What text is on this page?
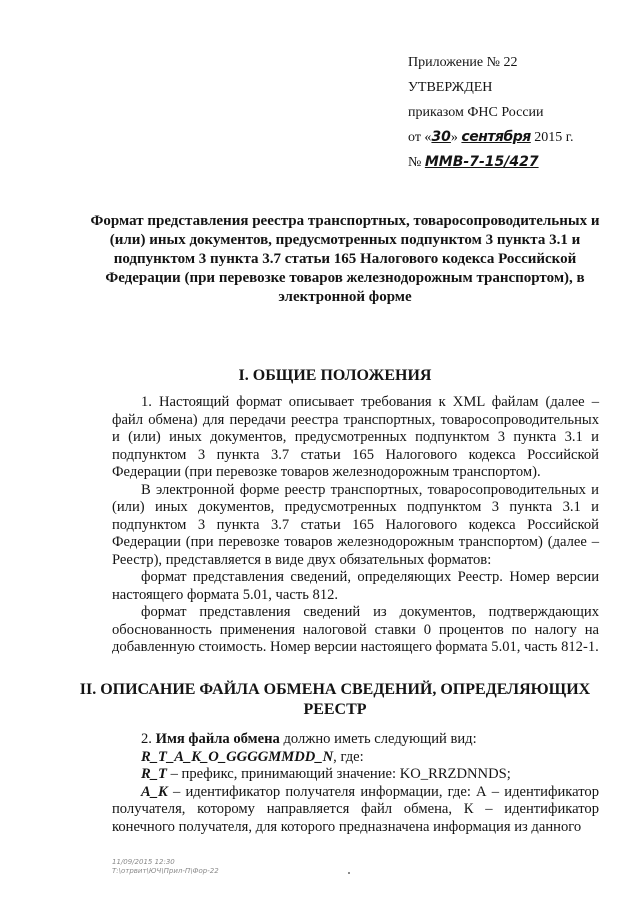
Приложение № 22
УТВЕРЖДЕН
приказом ФНС России
от «30» сентября 2015 г.
№ ММВ-7-15/427
Формат представления реестра транспортных, товаросопроводительных и (или) иных документов, предусмотренных подпунктом 3 пункта 3.1 и подпунктом 3 пункта 3.7 статьи 165 Налогового кодекса Российской Федерации (при перевозке товаров железнодорожным транспортом), в электронной форме
I. ОБЩИЕ ПОЛОЖЕНИЯ

1. Настоящий формат описывает требования к XML файлам (далее – файл обмена) для передачи реестра транспортных, товаросопроводительных и (или) иных документов, предусмотренных подпунктом 3 пункта 3.1 и подпунктом 3 пункта 3.7 статьи 165 Налогового кодекса Российской Федерации (при перевозке товаров железнодорожным транспортом).

В электронной форме реестр транспортных, товаросопроводительных и (или) иных документов, предусмотренных подпунктом 3 пункта 3.1 и подпунктом 3 пункта 3.7 статьи 165 Налогового кодекса Российской Федерации (при перевозке товаров железнодорожным транспортом) (далее – Реестр), представляется в виде двух обязательных форматов:

формат представления сведений, определяющих Реестр. Номер версии настоящего формата 5.01, часть 812.

формат представления сведений из документов, подтверждающих обоснованность применения налоговой ставки 0 процентов по налогу на добавленную стоимость. Номер версии настоящего формата 5.01, часть 812-1.

II. ОПИСАНИЕ ФАЙЛА ОБМЕНА СВЕДЕНИЙ, ОПРЕДЕЛЯЮЩИХ РЕЕСТР

2. Имя файла обмена должно иметь следующий вид:

R_T_A_K_O_GGGGMMDD_N, где:

R_T – префикс, принимающий значение: KO_RRZDNNDS;

A_K – идентификатор получателя информации, где: А – идентификатор получателя, которому направляется файл обмена, К – идентификатор конечного получателя, для которого предназначена информация из данного

11/09/2015 12:30
Т:\отрвит\ЮЧ\Прил-П\Фор-22
